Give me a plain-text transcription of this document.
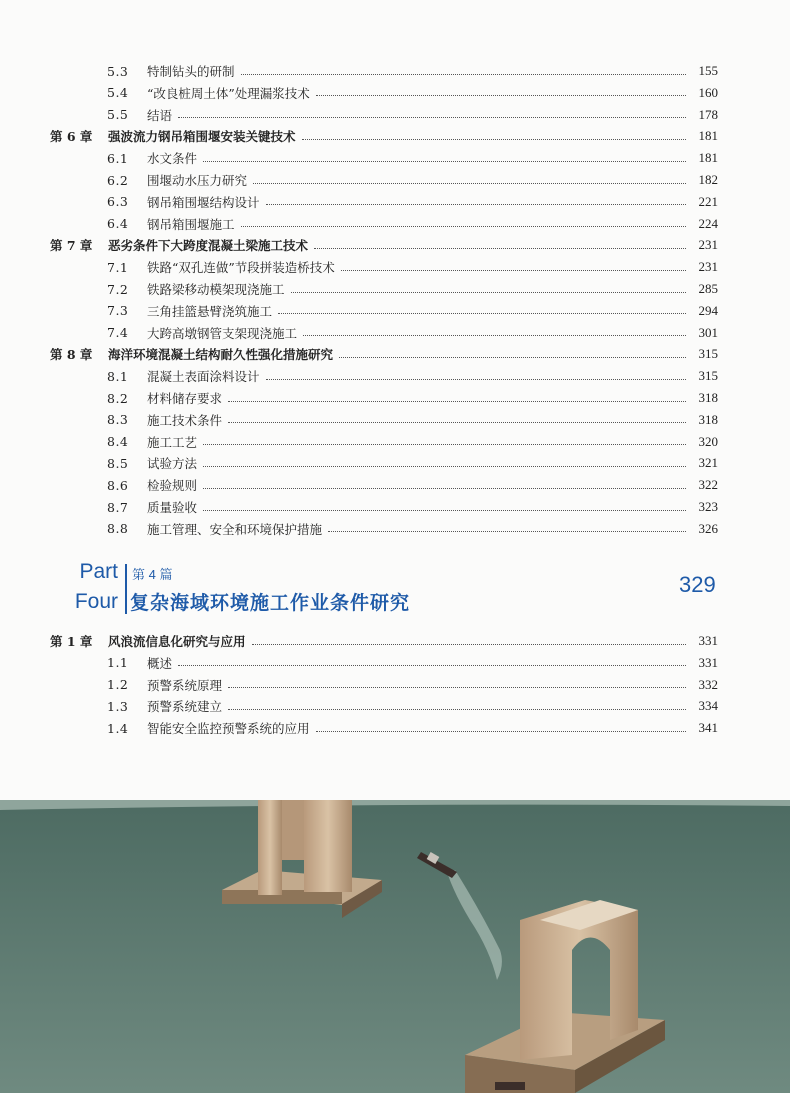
5.3	特制钻头的研制	155
5.4	“改良桩周土体”处理漏浆技术	160
5.5	结语	178
第 6 章	强波流力钢吊箱围堰安装关键技术	181
6.1	水文条件	181
6.2	围堰动水压力研究	182
6.3	钢吊箱围堰结构设计	221
6.4	钢吊箱围堰施工	224
第 7 章	恶劣条件下大跨度混凝土梁施工技术	231
7.1	铁路“双孔连做”节段拼装造桥技术	231
7.2	铁路梁移动模架现浇施工	285
7.3	三角挂篮悬臂浇筑施工	294
7.4	大跨高墩钢管支架现浇施工	301
第 8 章	海洋环境混凝土结构耐久性强化措施研究	315
8.1	混凝土表面涂料设计	315
8.2	材料储存要求	318
8.3	施工技术条件	318
8.4	施工工艺	320
8.5	试验方法	321
8.6	检验规则	322
8.7	质量验收	323
8.8	施工管理、安全和环境保护措施	326
Part
Four
第 4 篇
复杂海域环境施工作业条件研究
329
第 1 章	风浪流信息化研究与应用	331
1.1	概述	331
1.2	预警系统原理	332
1.3	预警系统建立	334
1.4	智能安全监控预警系统的应用	341
